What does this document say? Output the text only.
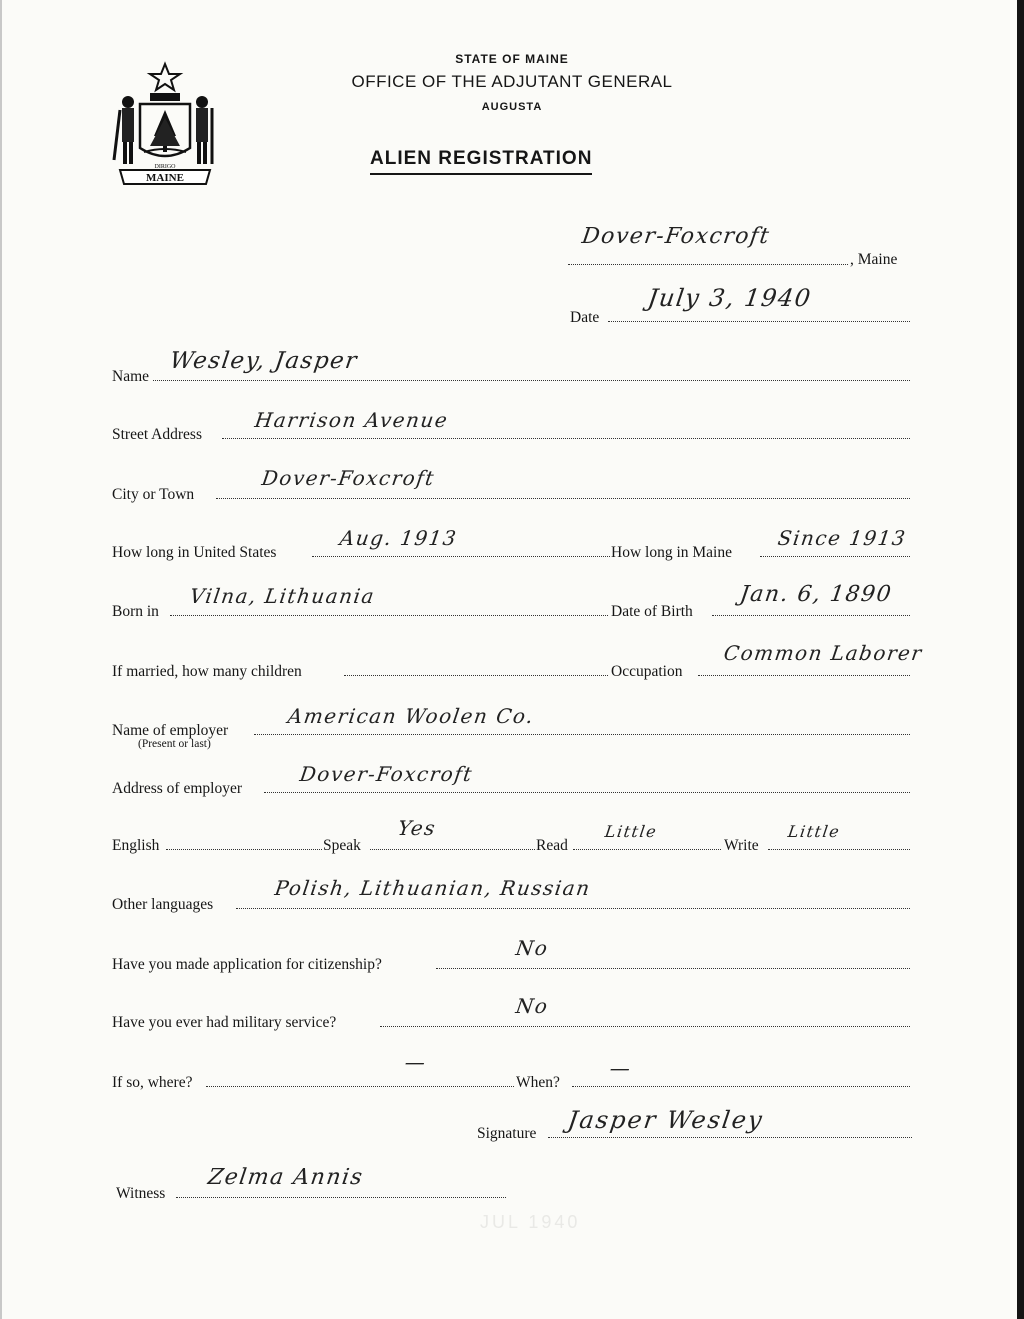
MAINE
DIRIGO
STATE OF MAINE
OFFICE OF THE ADJUTANT GENERAL
AUGUSTA
ALIEN REGISTRATION
Dover-Foxcroft
, Maine
Date
July 3, 1940
Name
Wesley, Jasper
Street Address
Harrison Avenue
City or Town
Dover-Foxcroft
How long in United States
Aug. 1913
How long in Maine
Since 1913
Born in
Vilna, Lithuania
Date of Birth
Jan. 6, 1890
If married, how many children	Occupation
Common Laborer
Name of employer
(Present or last)
American Woolen Co.
Address of employer
Dover-Foxcroft
English	Speak
Yes
Read
Little
Write
Little
Other languages
Polish, Lithuanian, Russian
Have you made application for citizenship?
No
Have you ever had military service?
No
If so, where?
—
When?
—
Signature Jasper Wesley
Witness
Zelma Annis
JUL 1940
